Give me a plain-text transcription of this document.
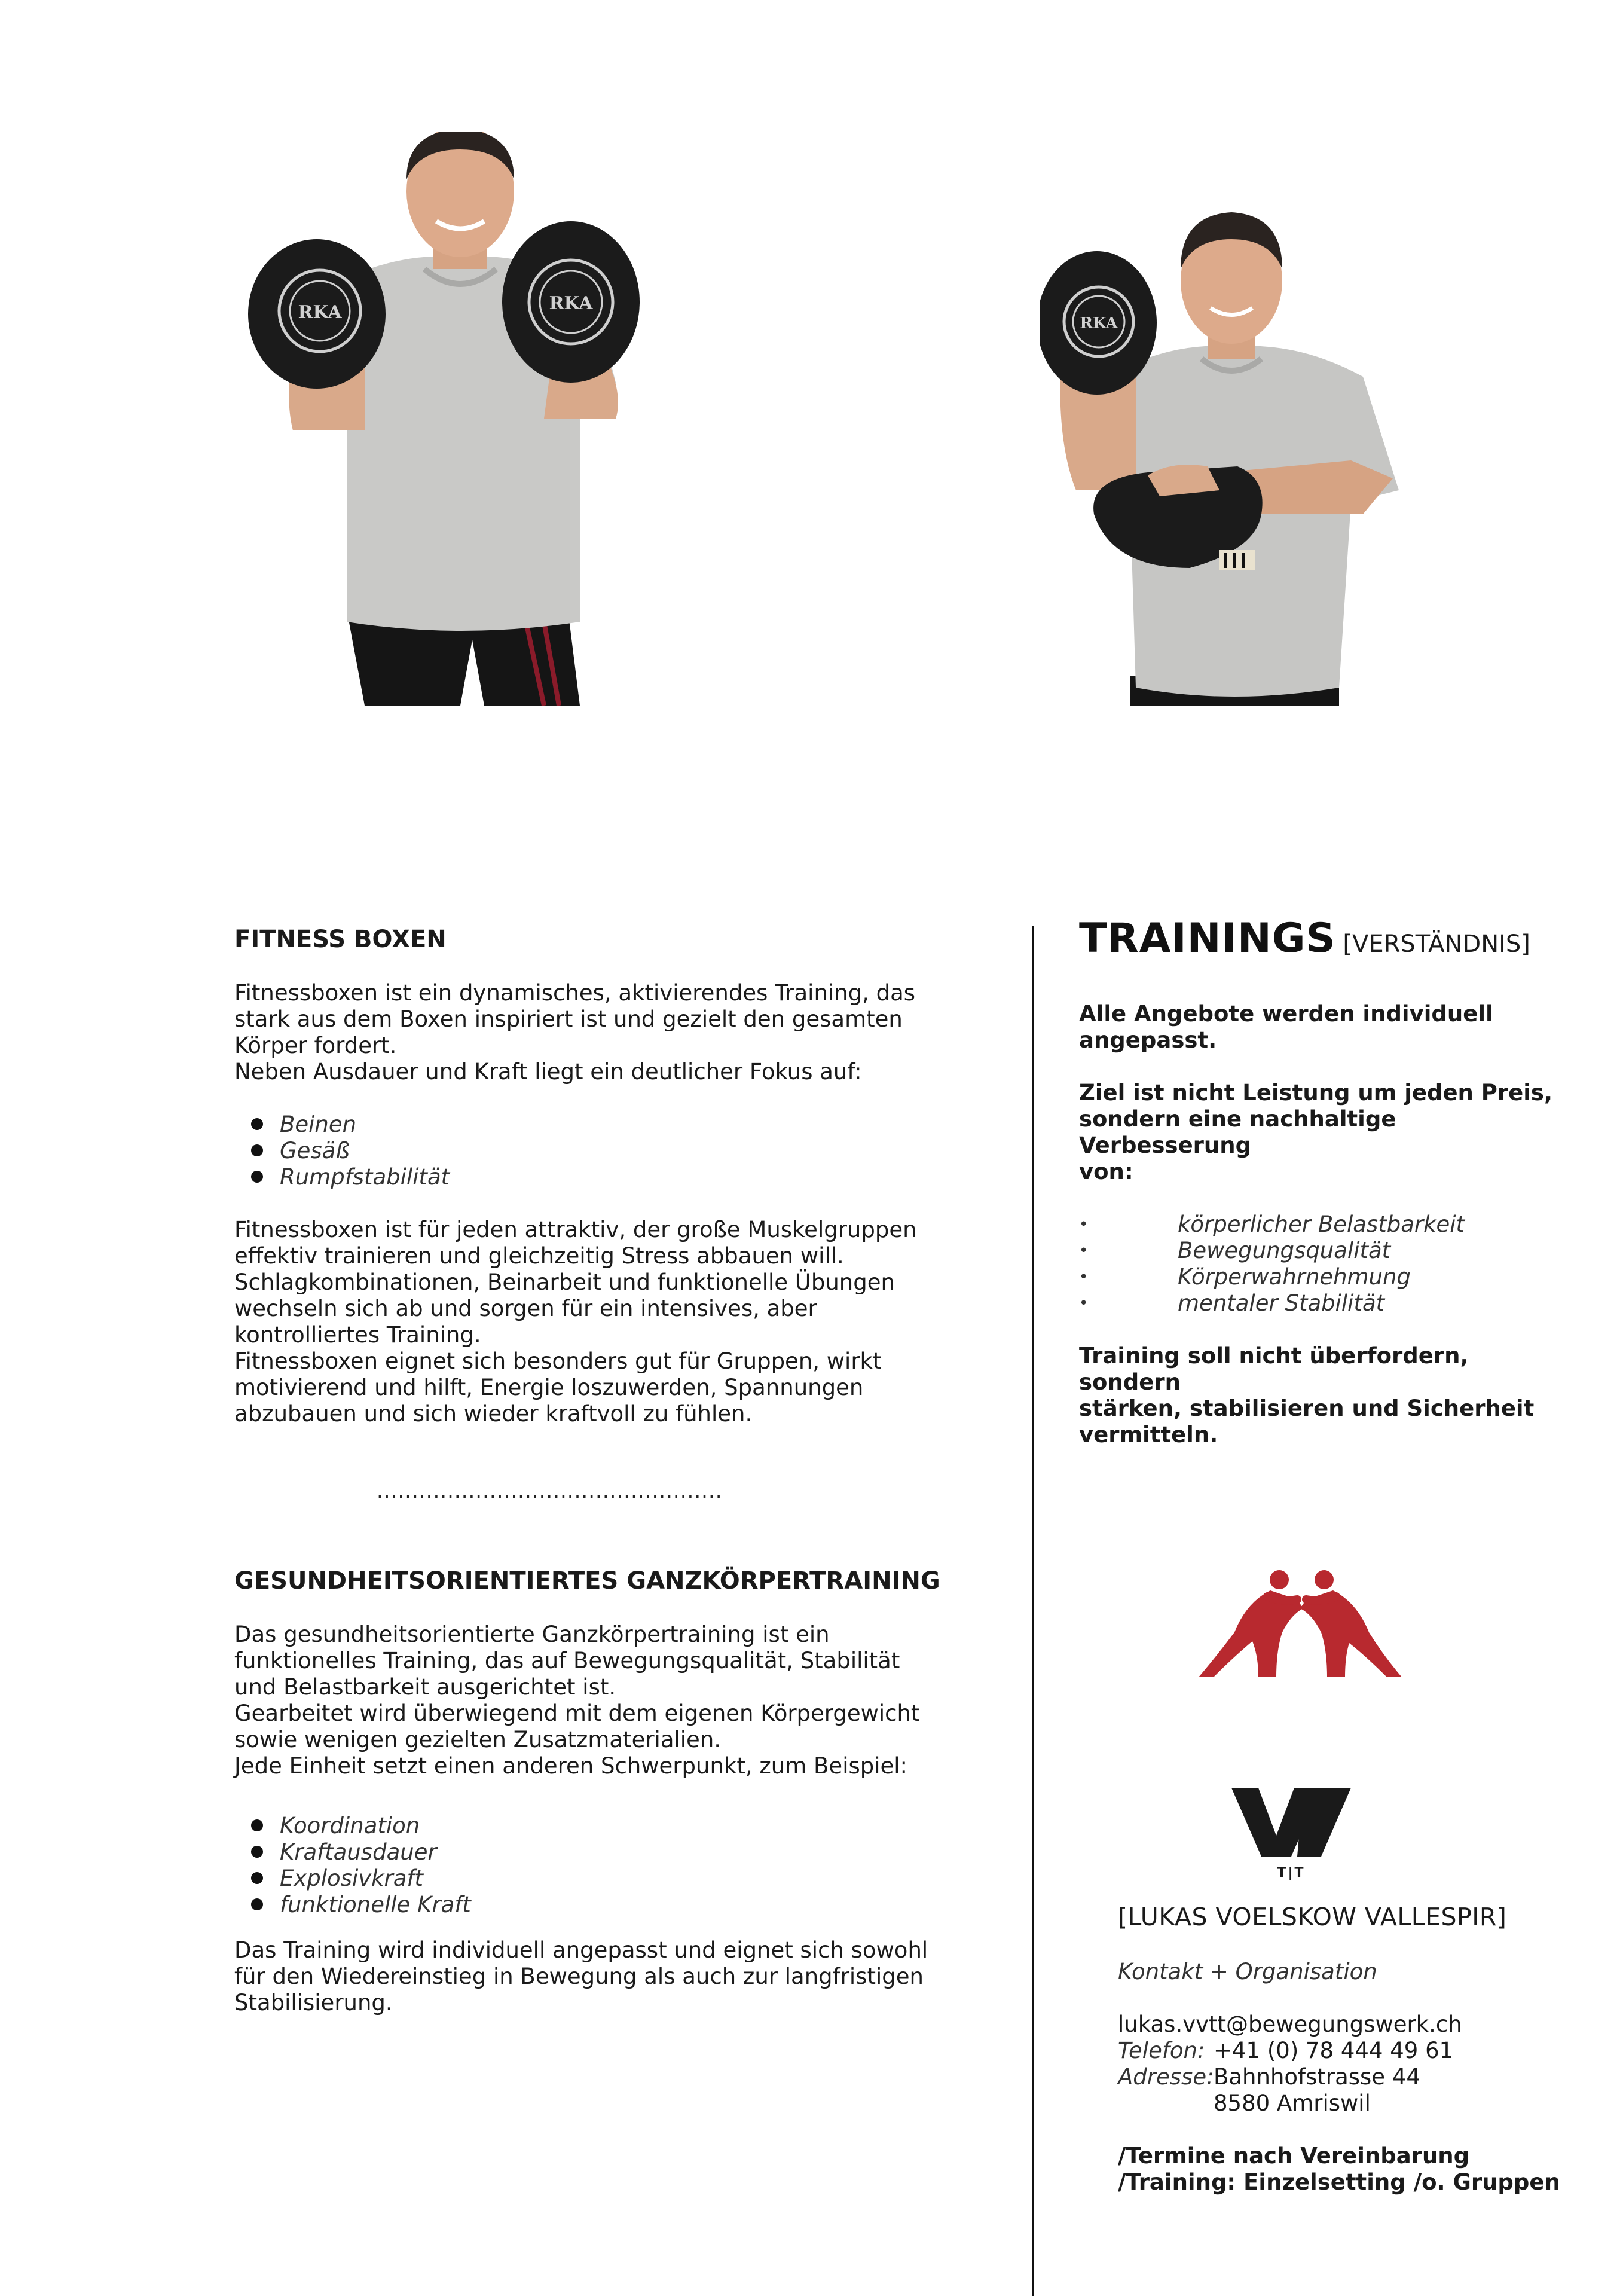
RKA	RKA
RKA
FITNESS BOXEN

Fitnessboxen ist ein dynamisches, aktivierendes Training, das
stark aus dem Boxen inspiriert ist und gezielt den gesamten
Körper fordert.
Neben Ausdauer und Kraft liegt ein deutlicher Fokus auf:

Beinen
Gesäß
Rumpfstabilität

Fitnessboxen ist für jeden attraktiv, der große Muskelgruppen
effektiv trainieren und gleichzeitig Stress abbauen will.
Schlagkombinationen, Beinarbeit und funktionelle Übungen
wechseln sich ab und sorgen für ein intensives, aber
kontrolliertes Training.
Fitnessboxen eignet sich besonders gut für Gruppen, wirkt
motivierend und hilft, Energie loszuwerden, Spannungen
abzubauen und sich wieder kraftvoll zu fühlen.

.................................................
GESUNDHEITSORIENTIERTES GANZKÖRPERTRAINING

Das gesundheitsorientierte Ganzkörpertraining ist ein
funktionelles Training, das auf Bewegungsqualität, Stabilität
und Belastbarkeit ausgerichtet ist.
Gearbeitet wird überwiegend mit dem eigenen Körpergewicht
sowie wenigen gezielten Zusatzmaterialien.
Jede Einheit setzt einen anderen Schwerpunkt, zum Beispiel:

Koordination
Kraftausdauer
Explosivkraft
funktionelle Kraft

Das Training wird individuell angepasst und eignet sich sowohl
für den Wiedereinstieg in Bewegung als auch zur langfristigen
Stabilisierung.

TRAININGS [VERSTÄNDNIS]

Alle Angebote werden individuell
angepasst.

Ziel ist nicht Leistung um jeden Preis,
sondern eine nachhaltige Verbesserung
von:

• körperlicher Belastbarkeit
• Bewegungsqualität
• Körperwahrnehmung
• mentaler Stabilität

Training soll nicht überfordern, sondern
stärken, stabilisieren und Sicherheit
vermitteln.

T|T
[LUKAS VOELSKOW VALLESPIR]
Kontakt + Organisation
lukas.vvtt@bewegungswerk.ch
Telefon: +41 (0) 78 444 49 61
Adresse: Bahnhofstrasse 44
8580 Amriswil
/Termine nach Vereinbarung
/Training: Einzelsetting /o. Gruppen
